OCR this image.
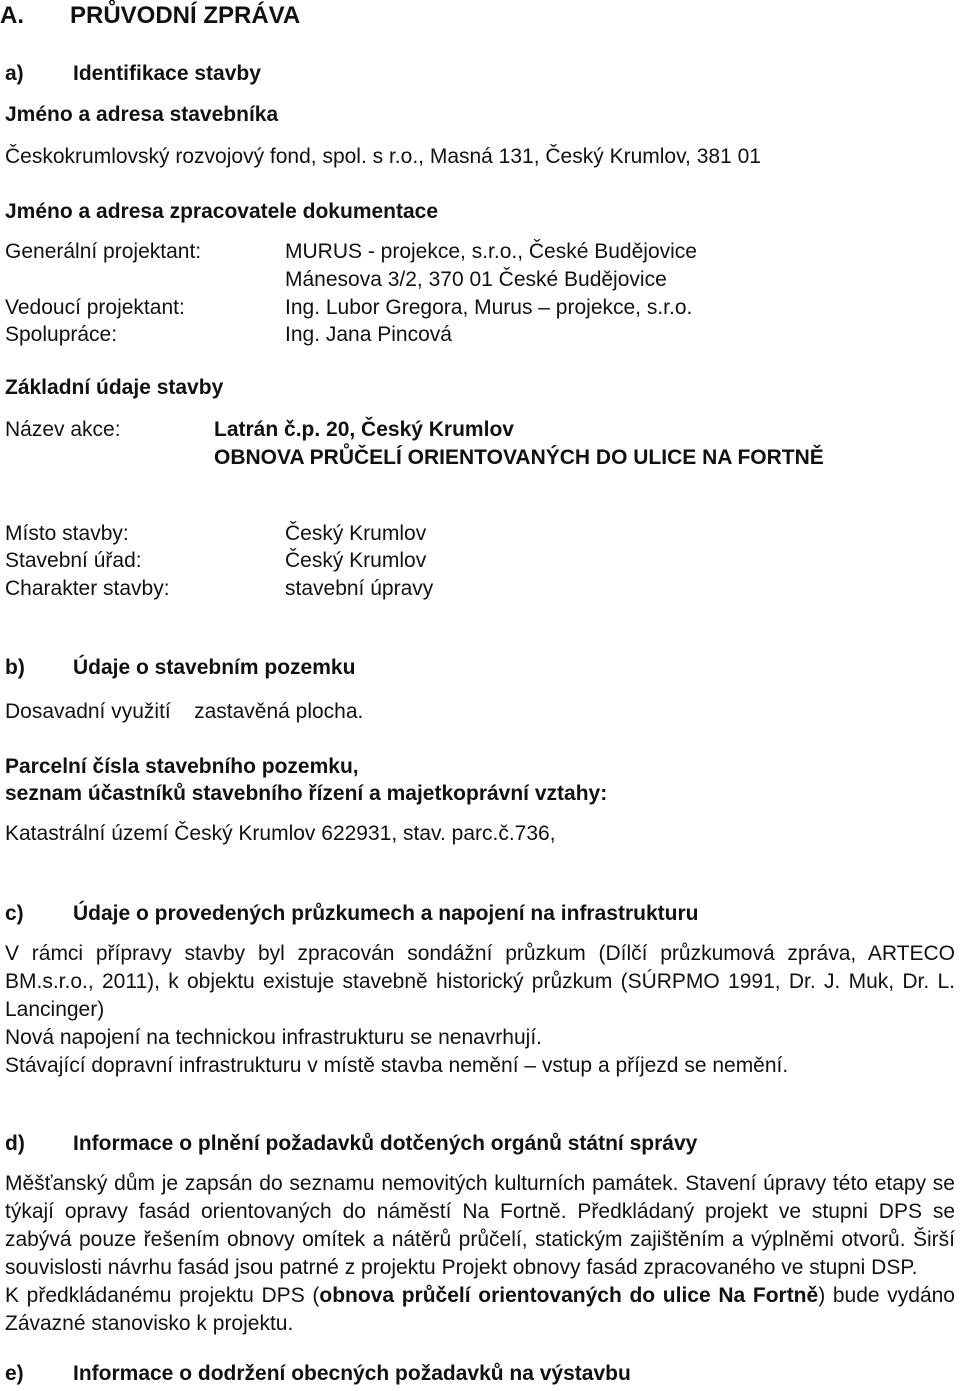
A. PRŮVODNÍ ZPRÁVA
a) Identifikace stavby
Jméno a adresa stavebníka
Českokrumlovský rozvojový fond, spol. s r.o., Masná 131, Český Krumlov, 381 01
Jméno a adresa zpracovatele dokumentace
Generální projektant:	MURUS - projekce, s.r.o., České Budějovice
Mánesova 3/2, 370 01 České Budějovice
Vedoucí projektant:	Ing. Lubor Gregora, Murus – projekce, s.r.o.
Spolupráce:	Ing. Jana Pincová
Základní údaje stavby
Název akce:	Latrán č.p. 20, Český Krumlov
OBNOVA PRŮČELÍ ORIENTOVANÝCH DO ULICE NA FORTNĚ
Místo stavby:	Český Krumlov
Stavební úřad:	Český Krumlov
Charakter stavby:	stavební úpravy
b) Údaje o stavebním pozemku
Dosavadní využití    zastavěná plocha.
Parcelní čísla stavebního pozemku,
seznam účastníků stavebního řízení a majetkoprávní vztahy:
Katastrální území Český Krumlov 622931, stav. parc.č.736,
c) Údaje o provedených průzkumech a napojení na infrastrukturu

V rámci přípravy stavby byl zpracován sondážní průzkum (Dílčí průzkumová zpráva, ARTECO BM.s.r.o., 2011), k objektu existuje stavebně historický průzkum (SÚRPMO 1991, Dr. J. Muk, Dr. L. Lancinger)

Nová napojení na technickou infrastrukturu se nenavrhují.

Stávající dopravní infrastrukturu v místě stavba nemění – vstup a příjezd se nemění.

d) Informace o plnění požadavků dotčených orgánů státní správy

Měšťanský dům je zapsán do seznamu nemovitých kulturních památek. Stavení úpravy této etapy se týkají opravy fasád orientovaných do náměstí Na Fortně. Předkládaný projekt ve stupni DPS se zabývá pouze řešením obnovy omítek a nátěrů průčelí, statickým zajištěním a výplněmi otvorů. Širší souvislosti návrhu fasád jsou patrné z projektu Projekt obnovy fasád zpracovaného ve stupni DSP.

K předkládanému projektu DPS (obnova průčelí orientovaných do ulice Na Fortně) bude vydáno Závazné stanovisko k projektu.

e) Informace o dodržení obecných požadavků na výstavbu
